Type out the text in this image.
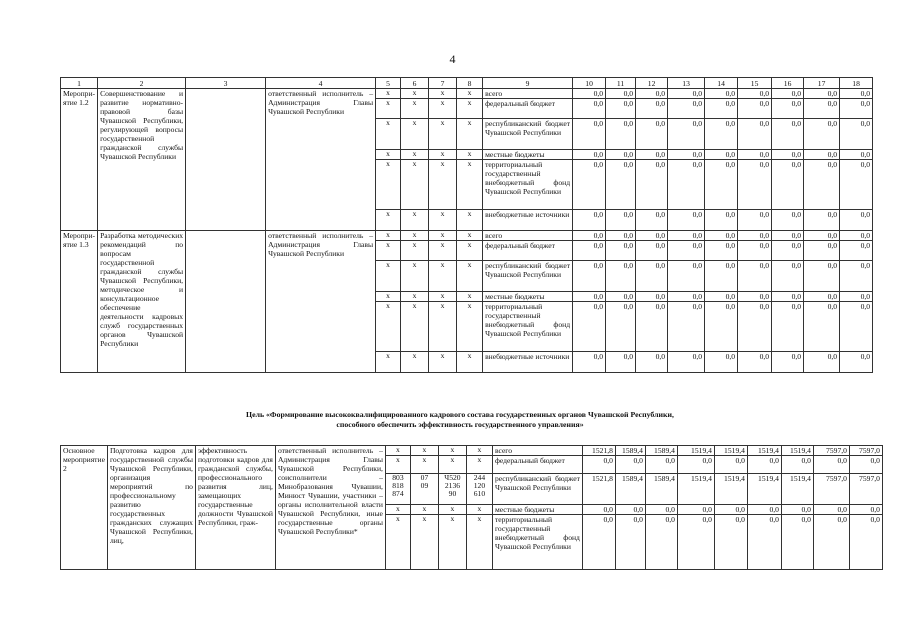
4
1	2	3	4	5	6	7	8	9	10	11	12	13	14	15	16	17	18
Меропри-ятие 1.2	Совершенствование и развитие нормативно-правовой базы Чувашской Республики, регулирующей вопросы государственной гражданской службы Чувашской Республики		ответственный исполнитель – Администрация Главы Чувашской Республики	x	x	x	x	всего	0,0	0,0	0,0	0,0	0,0	0,0	0,0	0,0	0,0
				x	x	x	x	федеральный бюджет	0,0	0,0	0,0	0,0	0,0	0,0	0,0	0,0	0,0
				x	x	x	x	республиканский бюджет Чувашской Республики	0,0	0,0	0,0	0,0	0,0	0,0	0,0	0,0	0,0
				x	x	x	x	местные бюджеты	0,0	0,0	0,0	0,0	0,0	0,0	0,0	0,0	0,0
				x	x	x	x	территориальный государственный внебюджетный фонд Чувашской Республики	0,0	0,0	0,0	0,0	0,0	0,0	0,0	0,0	0,0
				x	x	x	x	внебюджетные источники	0,0	0,0	0,0	0,0	0,0	0,0	0,0	0,0	0,0
Меропри-ятие 1.3	Разработка методических рекомендаций по вопросам государственной гражданской службы Чувашской Республики, методическое и консультационное обеспечение деятельности кадровых служб государственных органов Чувашской Республики		ответственный исполнитель – Администрация Главы Чувашской Республики	x	x	x	x	всего	0,0	0,0	0,0	0,0	0,0	0,0	0,0	0,0	0,0
				x	x	x	x	федеральный бюджет	0,0	0,0	0,0	0,0	0,0	0,0	0,0	0,0	0,0
				x	x	x	x	республиканский бюджет Чувашской Республики	0,0	0,0	0,0	0,0	0,0	0,0	0,0	0,0	0,0
				x	x	x	x	местные бюджеты	0,0	0,0	0,0	0,0	0,0	0,0	0,0	0,0	0,0
				x	x	x	x	территориальный государственный внебюджетный фонд Чувашской Республики	0,0	0,0	0,0	0,0	0,0	0,0	0,0	0,0	0,0
				x	x	x	x	внебюджетные источники	0,0	0,0	0,0	0,0	0,0	0,0	0,0	0,0	0,0
Цель «Формирование высококвалифицированного кадрового состава государственных органов Чувашской Республики,
способного обеспечить эффективность государственного управления»
Основное мероприятие 2	Подготовка кадров для государственной службы Чувашской Республики, организация мероприятий по профессиональному развитию государственных гражданских служащих Чувашской Республики, лиц,	эффективность подготовки кадров для гражданской службы, профессионального развития лиц, замещающих государственные должности Чувашской Республики, граж-	ответственный исполнитель – Администрация Главы Чувашской Республики, соисполнители – Минобразования Чувашии, Минюст Чувашии, участники – органы исполнительной власти Чувашской Республики, иные государственные органы Чувашской Республики*	x	x	x	x	всего	1521,8	1589,4	1589,4	1519,4	1519,4	1519,4	1519,4	7597,0	7597,0
				x	x	x	x	федеральный бюджет	0,0	0,0	0,0	0,0	0,0	0,0	0,0	0,0	0,0
				803 818 874	07 09	Ч520 2136 90	244 120 610	республиканский бюджет Чувашской Республики	1521,8	1589,4	1589,4	1519,4	1519,4	1519,4	1519,4	7597,0	7597,0
				x	x	x	x	местные бюджеты	0,0	0,0	0,0	0,0	0,0	0,0	0,0	0,0	0,0
				x	x	x	x	территориальный государственный внебюджетный фонд Чувашской Республики	0,0	0,0	0,0	0,0	0,0	0,0	0,0	0,0	0,0
